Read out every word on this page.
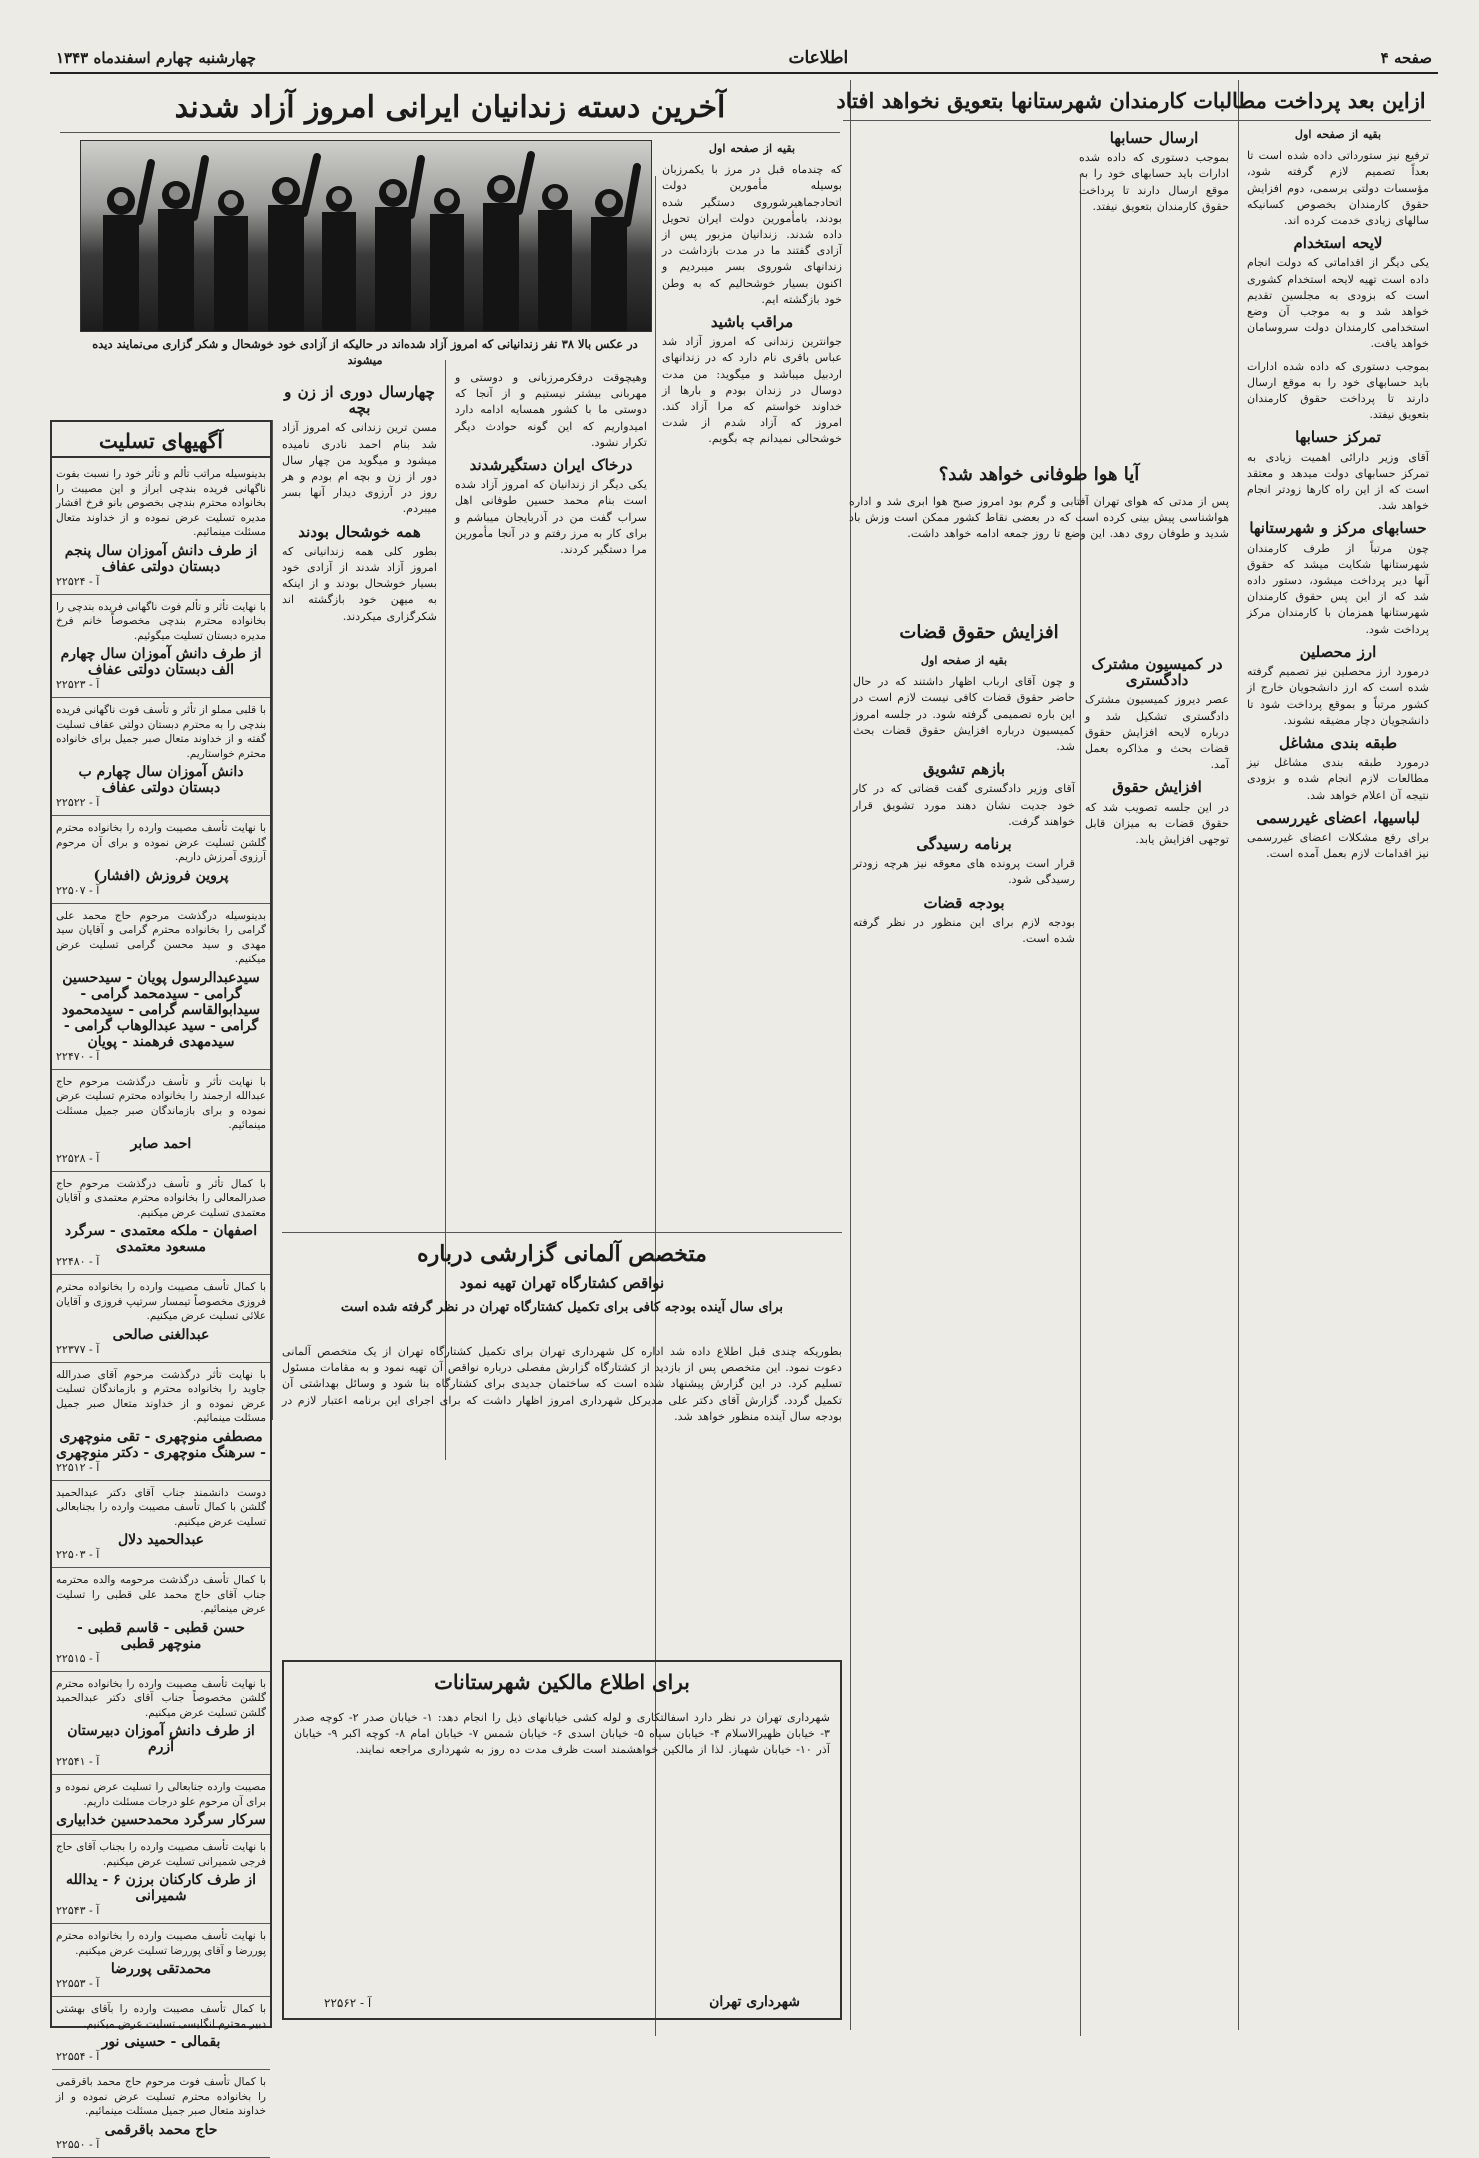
صفحه ۴
اطلاعات
چهارشنبه چهارم اسفندماه ۱۳۴۳
ازاین بعد پرداخت مطالبات کارمندان شهرستانها بتعویق نخواهد افتاد

بقیه از صفحه اول

ترفیع نیز ستورداتی داده شده است تا بعداً تصمیم لازم گرفته شود، مؤسسات دولتی برسمی، دوم افزایش حقوق کارمندان بخصوص کسانیکه سالهای زیادی خدمت کرده اند.

لایحه استخدام

یکی دیگر از اقداماتی که دولت انجام داده است تهیه لایحه استخدام کشوری است که بزودی به مجلسین تقدیم خواهد شد و به موجب آن وضع استخدامی کارمندان دولت سروسامان خواهد یافت.

بموجب دستوری که داده شده ادارات باید حسابهای خود را به موقع ارسال دارند تا پرداخت حقوق کارمندان بتعویق نیفتد.

تمرکز حسابها

آقای وزیر دارائی اهمیت زیادی به تمرکز حسابهای دولت میدهد و معتقد است که از این راه کارها زودتر انجام خواهد شد.

حسابهای مرکز و شهرستانها

چون مرتباً از طرف کارمندان شهرستانها شکایت میشد که حقوق آنها دیر پرداخت میشود، دستور داده شد که از این پس حقوق کارمندان شهرستانها همزمان با کارمندان مرکز پرداخت شود.

ارز محصلین

درمورد ارز محصلین نیز تصمیم گرفته شده است که ارز دانشجویان خارج از کشور مرتباً و بموقع پرداخت شود تا دانشجویان دچار مضیقه نشوند.

طبقه بندی مشاغل

درمورد طبقه بندی مشاغل نیز مطالعات لازم انجام شده و بزودی نتیجه آن اعلام خواهد شد.

لباسیها، اعضای غیررسمی

برای رفع مشکلات اعضای غیررسمی نیز اقدامات لازم بعمل آمده است.

ارسال حسابها

بموجب دستوری که داده شده ادارات باید حسابهای خود را به موقع ارسال دارند تا پرداخت حقوق کارمندان بتعویق نیفتد.

آیا هوا طوفانی خواهد شد؟
پس از مدتی که هوای تهران آفتابی و گرم بود امروز صبح هوا ابری شد و اداره هواشناسی پیش بینی کرده است که در بعضی نقاط کشور ممکن است وزش باد شدید و طوفان روی دهد. این وضع تا روز جمعه ادامه خواهد داشت.
افزایش حقوق قضات

بقیه از صفحه اول

و چون آقای ارباب اظهار داشتند که در حال حاضر حقوق قضات کافی نیست لازم است در این باره تصمیمی گرفته شود. در جلسه امروز کمیسیون درباره افزایش حقوق قضات بحث شد.

بازهم تشویق

آقای وزیر دادگستری گفت قضاتی که در کار خود جدیت نشان دهند مورد تشویق قرار خواهند گرفت.

برنامه رسیدگی

قرار است پرونده های معوقه نیز هرچه زودتر رسیدگی شود.

بودجه قضات

بودجه لازم برای این منظور در نظر گرفته شده است.

در کمیسیون مشترک دادگستری

عصر دیروز کمیسیون مشترک دادگستری تشکیل شد و درباره لایحه افزایش حقوق قضات بحث و مذاکره بعمل آمد.

افزایش حقوق

در این جلسه تصویب شد که حقوق قضات به میزان قابل توجهی افزایش یابد.

آخرین دسته زندانیان ایرانی امروز آزاد شدند
در عکس بالا ۳۸ نفر زندانیانی که امروز آزاد شده‌اند در حالیکه از آزادی خود خوشحال و شکر گزاری می‌نمایند دیده میشوند

بقیه از صفحه اول

که چندماه قبل در مرز با یکمرزبان بوسیله مأمورین دولت اتحادجماهیرشوروی دستگیر شده بودند، بامأمورین دولت ایران تحویل داده شدند. زندانیان مزبور پس از آزادی گفتند ما در مدت بازداشت در زندانهای شوروی بسر میبردیم و اکنون بسیار خوشحالیم که به وطن خود بازگشته ایم.

مراقب باشید

جوانترین زندانی که امروز آزاد شد عباس باقری نام دارد که در زندانهای اردبیل میباشد و میگوید: من مدت دوسال در زندان بودم و بارها از خداوند خواستم که مرا آزاد کند. امروز که آزاد شدم از شدت خوشحالی نمیدانم چه بگویم.

وهیچوقت درفکرمرزبانی و دوستی و مهربانی بیشتر نیستیم و از آنجا که دوستی ما با کشور همسایه ادامه دارد امیدواریم که این گونه حوادث دیگر تکرار نشود.

درخاک ایران دستگیرشدند

یکی دیگر از زندانیان که امروز آزاد شده است بنام محمد حسین طوفانی اهل سراب گفت من در آذربایجان میباشم و برای کار به مرز رفتم و در آنجا مأمورین مرا دستگیر کردند.

چهارسال دوری از زن و بچه

مسن ترین زندانی که امروز آزاد شد بنام احمد نادری نامیده میشود و میگوید من چهار سال دور از زن و بچه ام بودم و هر روز در آرزوی دیدار آنها بسر میبردم.

همه خوشحال بودند

بطور کلی همه زندانیانی که امروز آزاد شدند از آزادی خود بسیار خوشحال بودند و از اینکه به میهن خود بازگشته اند شکرگزاری میکردند.

متخصص آلمانی گزارشی درباره
نواقص کشتارگاه تهران تهیه نمود
برای سال آینده بودجه کافی برای تکمیل کشتارگاه تهران در نظر گرفته شده است
بطوریکه چندی قبل اطلاع داده شد اداره کل شهرداری تهران برای تکمیل کشتارگاه تهران از یک متخصص آلمانی دعوت نمود. این متخصص پس از بازدید از کشتارگاه گزارش مفصلی درباره نواقص آن تهیه نمود و به مقامات مسئول تسلیم کرد. در این گزارش پیشنهاد شده است که ساختمان جدیدی برای کشتارگاه بنا شود و وسائل بهداشتی آن تکمیل گردد. گزارش آقای دکتر علی مدیرکل شهرداری امروز اظهار داشت که برای اجرای این برنامه اعتبار لازم در بودجه سال آینده منظور خواهد شد.
برای اطلاع مالکین شهرستانات
شهرداری تهران در نظر دارد اسفالتکاری و لوله کشی خیابانهای ذیل را انجام دهد: ۱- خیابان صدر ۲- کوچه صدر ۳- خیابان ظهیرالاسلام ۴- خیابان سپاه ۵- خیابان اسدی ۶- خیابان شمس ۷- خیابان امام ۸- کوچه اکبر ۹- خیابان آذر ۱۰- خیابان شهباز. لذا از مالکین خواهشمند است ظرف مدت ده روز به شهرداری مراجعه نمایند.
شهرداری تهران
آ - ۲۲۵۶۲
آگهیهای تسلیت
بدینوسیله مراتب تألم و تأثر خود را نسبت بفوت ناگهانی فریده بندچی ابراز و این مصیبت را بخانواده محترم بندچی بخصوص بانو فرخ افشار مدیره تسلیت عرض نموده و از خداوند متعال مسئلت مینمائیم.
از طرف دانش آموزان سال پنجم دبستان دولتی عفاف
آ - ۲۲۵۲۴
با نهایت تأثر و تألم فوت ناگهانی فریده بندچی را بخانواده محترم بندچی مخصوصاً خانم فرخ مدیره دبستان تسلیت میگوئیم.
از طرف دانش آموزان سال چهارم الف دبستان دولتی عفاف
آ - ۲۲۵۲۳
با قلبی مملو از تأثر و تأسف فوت ناگهانی فریده بندچی را به محترم دبستان دولتی عفاف تسلیت گفته و از خداوند متعال صبر جمیل برای خانواده محترم خواستاریم.
دانش آموزان سال چهارم ب دبستان دولتی عفاف
آ - ۲۲۵۲۲
با نهایت تأسف مصیبت وارده را بخانواده محترم گلشن تسلیت عرض نموده و برای آن مرحوم آرزوی آمرزش داریم.
پروین فروزش (افشار)
آ - ۲۲۵۰۷
بدینوسیله درگذشت مرحوم حاج محمد علی گرامی را بخانواده محترم گرامی و آقایان سید مهدی و سید محسن گرامی تسلیت عرض میکنیم.
سیدعبدالرسول پویان - سیدحسین گرامی - سیدمحمد گرامی - سیدابوالقاسم گرامی - سیدمحمود گرامی - سید عبدالوهاب گرامی - سیدمهدی فرهمند - پویان
آ - ۲۲۴۷۰
با نهایت تأثر و تأسف درگذشت مرحوم حاج عبدالله ارجمند را بخانواده محترم تسلیت عرض نموده و برای بازماندگان صبر جمیل مسئلت مینمائیم.
احمد صابر
آ - ۲۲۵۲۸
با کمال تأثر و تأسف درگذشت مرحوم حاج صدرالمعالی را بخانواده محترم معتمدی و آقایان معتمدی تسلیت عرض میکنیم.
اصفهان - ملکه معتمدی - سرگرد مسعود معتمدی
آ - ۲۲۴۸۰
با کمال تأسف مصیبت وارده را بخانواده محترم فروزی مخصوصاً تیمسار سرتیپ فروزی و آقایان علائی تسلیت عرض میکنیم.
عبدالغنی صالحی
آ - ۲۲۳۷۷
با نهایت تأثر درگذشت مرحوم آقای صدرالله جاوید را بخانواده محترم و بازماندگان تسلیت عرض نموده و از خداوند متعال صبر جمیل مسئلت مینمائیم.
مصطفی منوچهری - تقی منوچهری - سرهنگ منوچهری - دکتر منوچهری
آ - ۲۲۵۱۲
دوست دانشمند جناب آقای دکتر عبدالحمید گلشن با کمال تأسف مصیبت وارده را بجنابعالی تسلیت عرض میکنیم.
عبدالحمید دلال
آ - ۲۲۵۰۳
با کمال تأسف درگذشت مرحومه والده محترمه جناب آقای حاج محمد علی قطبی را تسلیت عرض مینمائیم.
حسن قطبی - قاسم قطبی - منوچهر قطبی
آ - ۲۲۵۱۵
با نهایت تأسف مصیبت وارده را بخانواده محترم گلشن مخصوصاً جناب آقای دکتر عبدالحمید گلشن تسلیت عرض میکنیم.
از طرف دانش آموزان دبیرستان آزرم
آ - ۲۲۵۴۱
مصیبت وارده جنابعالی را تسلیت عرض نموده و برای آن مرحوم علو درجات مسئلت داریم.
سرکار سرگرد محمدحسین خدابیاری
با نهایت تأسف مصیبت وارده را بجناب آقای حاج فرجی شمیرانی تسلیت عرض میکنیم.
از طرف کارکنان برزن ۶ - یدالله شمیرانی
آ - ۲۲۵۴۳
با نهایت تأسف مصیبت وارده را بخانواده محترم پوررضا و آقای پوررضا تسلیت عرض میکنیم.
محمدتقی پوررضا
آ - ۲۲۵۵۳
با کمال تأسف مصیبت وارده را بآقای بهشتی دبیر محترم انگلیسی تسلیت عرض میکنیم.
بقمالی - حسینی نور
آ - ۲۲۵۵۴
با کمال تأسف فوت مرحوم حاج محمد باقرقمی را بخانواده محترم تسلیت عرض نموده و از خداوند متعال صبر جمیل مسئلت مینمائیم.
حاج محمد باقرقمی
آ - ۲۲۵۵۰
